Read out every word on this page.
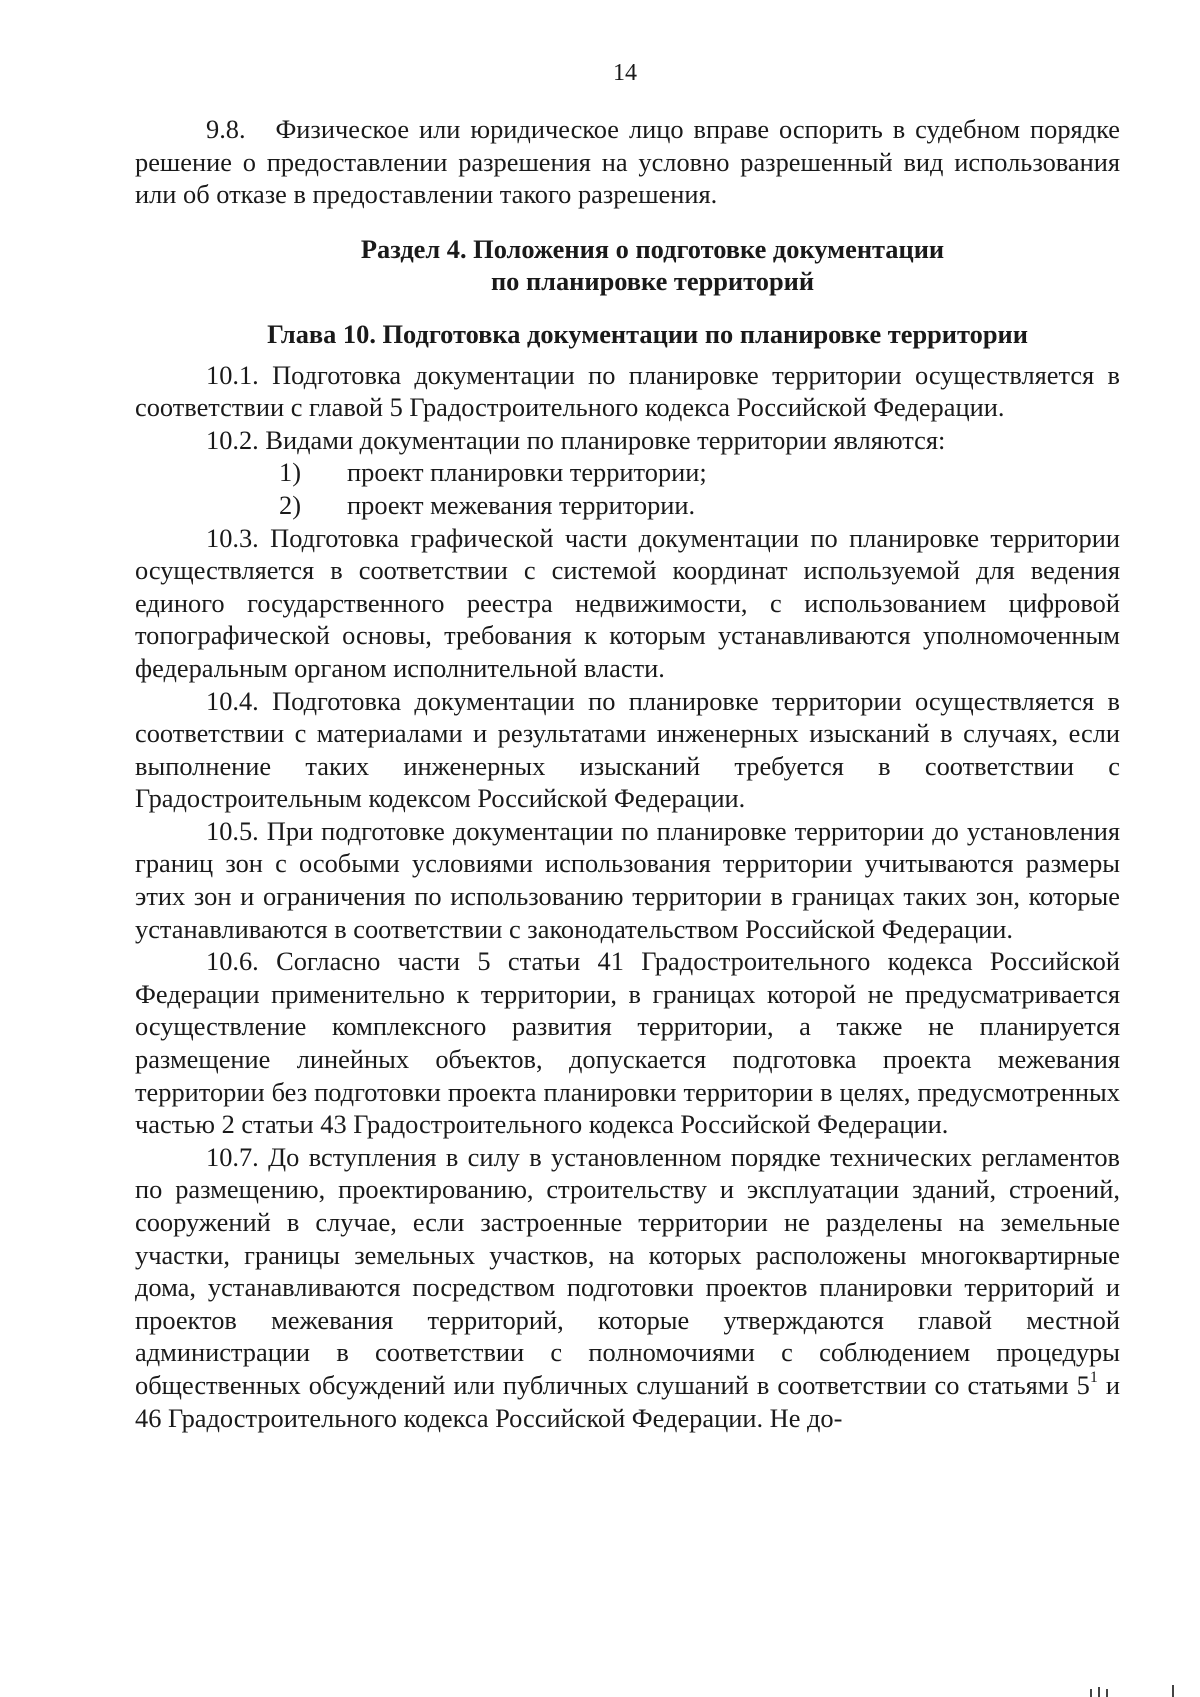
14

9.8. Физическое или юридическое лицо вправе оспорить в судебном порядке решение о предоставлении разрешения на условно разрешенный вид использования или об отказе в предоставлении такого разрешения.

Раздел 4. Положения о подготовке документации
по планировке территорий
Глава 10. Подготовка документации по планировке территории

10.1. Подготовка документации по планировке территории осуществляется в соответствии с главой 5 Градостроительного кодекса Российской Федерации.

10.2. Видами документации по планировке территории являются:

1) проект планировки территории;

2) проект межевания территории.

10.3. Подготовка графической части документации по планировке территории осуществляется в соответствии с системой координат используемой для ведения единого государственного реестра недвижимости, с использованием цифровой топографической основы, требования к которым устанавливаются уполномоченным федеральным органом исполнительной власти.

10.4. Подготовка документации по планировке территории осуществляется в соответствии с материалами и результатами инженерных изысканий в случаях, если выполнение таких инженерных изысканий требуется в соответствии с Градостроительным кодексом Российской Федерации.

10.5. При подготовке документации по планировке территории до установления границ зон с особыми условиями использования территории учитываются размеры этих зон и ограничения по использованию территории в границах таких зон, которые устанавливаются в соответствии с законодательством Российской Федерации.

10.6. Согласно части 5 статьи 41 Градостроительного кодекса Российской Федерации применительно к территории, в границах которой не предусматривается осуществление комплексного развития территории, а также не планируется размещение линейных объектов, допускается подготовка проекта межевания территории без подготовки проекта планировки территории в целях, предусмотренных частью 2 статьи 43 Градостроительного кодекса Российской Федерации.

10.7. До вступления в силу в установленном порядке технических регламентов по размещению, проектированию, строительству и эксплуатации зданий, строений, сооружений в случае, если застроенные территории не разделены на земельные участки, границы земельных участков, на которых расположены многоквартирные дома, устанавливаются посредством подготовки проектов планировки территорий и проектов межевания территорий, которые утверждаются главой местной администрации в соответствии с полномочиями с соблюдением процедуры общественных обсуждений или публичных слушаний в соответствии со статьями $5^1$ и 46 Градостроительного кодекса Российской Федерации. Не до-
